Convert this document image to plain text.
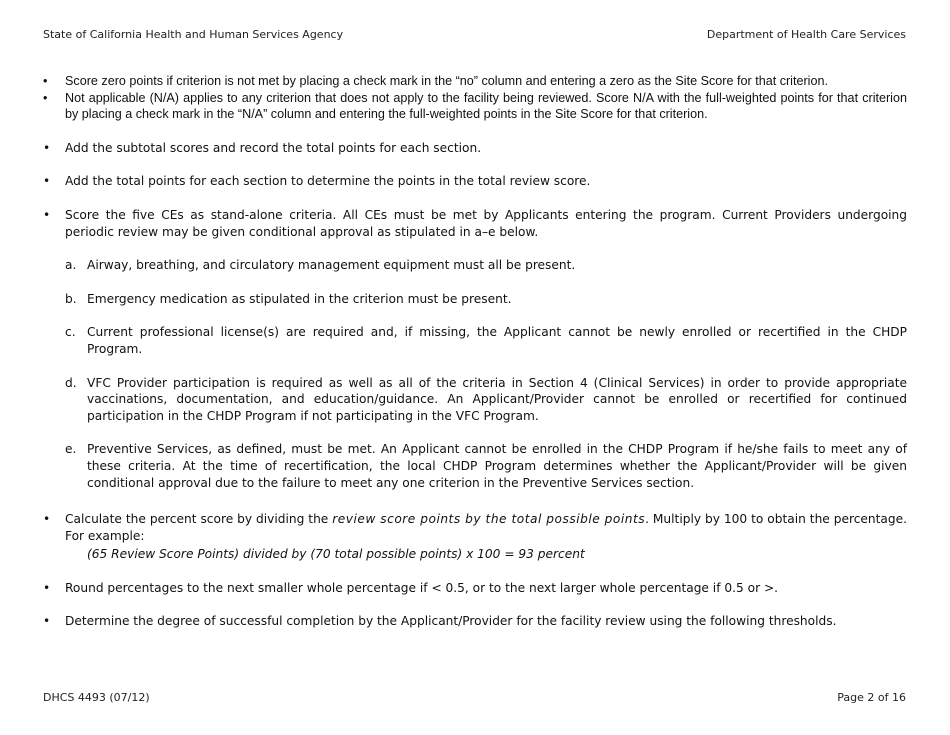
State of California Health and Human Services Agency	Department of Health Care Services
•	Score zero points if criterion is not met by placing a check mark in the “no” column and entering a zero as the Site Score for that criterion.
•	Not applicable (N/A) applies to any criterion that does not apply to the facility being reviewed. Score N/A with the full-weighted points for that criterion by placing a check mark in the “N/A” column and entering the full-weighted points in the Site Score for that criterion.
• Add the subtotal scores and record the total points for each section.
• Add the total points for each section to determine the points in the total review score.
• Score the five CEs as stand-alone criteria. All CEs must be met by Applicants entering the program. Current Providers undergoing periodic review may be given conditional approval as stipulated in a–e below.
a. Airway, breathing, and circulatory management equipment must all be present.
b. Emergency medication as stipulated in the criterion must be present.
c. Current professional license(s) are required and, if missing, the Applicant cannot be newly enrolled or recertified in the CHDP Program.
d. VFC Provider participation is required as well as all of the criteria in Section 4 (Clinical Services) in order to provide appropriate vaccinations, documentation, and education/guidance. An Applicant/Provider cannot be enrolled or recertified for continued participation in the CHDP Program if not participating in the VFC Program.
e. Preventive Services, as defined, must be met. An Applicant cannot be enrolled in the CHDP Program if he/she fails to meet any of these criteria. At the time of recertification, the local CHDP Program determines whether the Applicant/Provider will be given conditional approval due to the failure to meet any one criterion in the Preventive Services section.
• Calculate the percent score by dividing the review score points by the total possible points. Multiply by 100 to obtain the percentage. For example:
(65 Review Score Points) divided by (70 total possible points) x 100 = 93 percent
• Round percentages to the next smaller whole percentage if < 0.5, or to the next larger whole percentage if 0.5 or >.
• Determine the degree of successful completion by the Applicant/Provider for the facility review using the following thresholds.
DHCS 4493 (07/12)	Page 2 of 16
